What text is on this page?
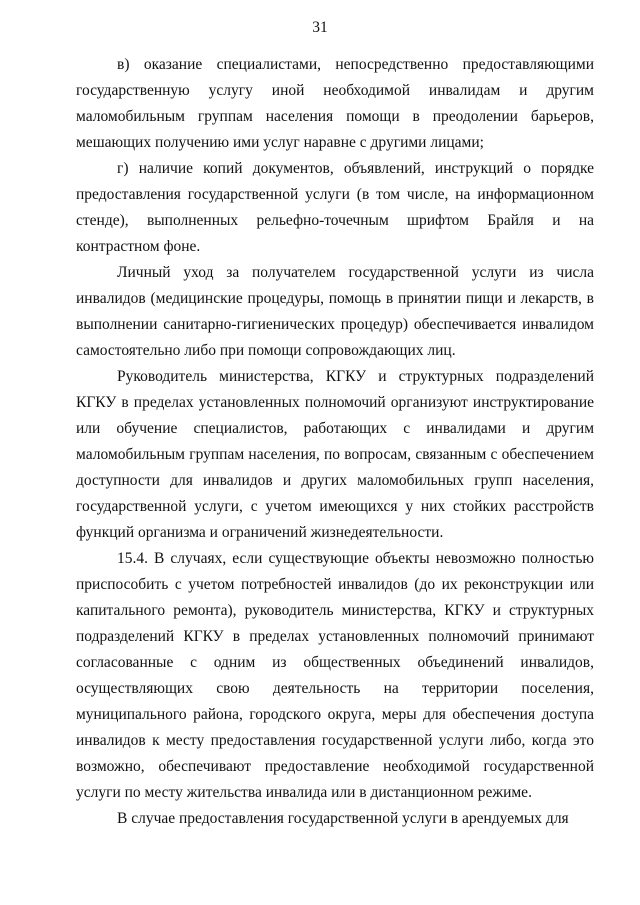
31

в) оказание специалистами, непосредственно предоставляющими государственную услугу иной необходимой инвалидам и другим маломобильным группам населения помощи в преодолении барьеров, мешающих получению ими услуг наравне с другими лицами;

г) наличие копий документов, объявлений, инструкций о порядке предоставления государственной услуги (в том числе, на информационном стенде), выполненных рельефно-точечным шрифтом Брайля и на контрастном фоне.

Личный уход за получателем государственной услуги из числа инвалидов (медицинские процедуры, помощь в принятии пищи и лекарств, в выполнении санитарно-гигиенических процедур) обеспечивается инвалидом самостоятельно либо при помощи сопровождающих лиц.

Руководитель министерства, КГКУ и структурных подразделений КГКУ в пределах установленных полномочий организуют инструктирование или обучение специалистов, работающих с инвалидами и другим маломобильным группам населения, по вопросам, связанным с обеспечением доступности для инвалидов и других маломобильных групп населения, государственной услуги, с учетом имеющихся у них стойких расстройств функций организма и ограничений жизнедеятельности.

15.4. В случаях, если существующие объекты невозможно полностью приспособить с учетом потребностей инвалидов (до их реконструкции или капитального ремонта), руководитель министерства, КГКУ и структурных подразделений КГКУ в пределах установленных полномочий принимают согласованные с одним из общественных объединений инвалидов, осуществляющих свою деятельность на территории поселения, муниципального района, городского округа, меры для обеспечения доступа инвалидов к месту предоставления государственной услуги либо, когда это возможно, обеспечивают предоставление необходимой государственной услуги по месту жительства инвалида или в дистанционном режиме.

В случае предоставления государственной услуги в арендуемых для
